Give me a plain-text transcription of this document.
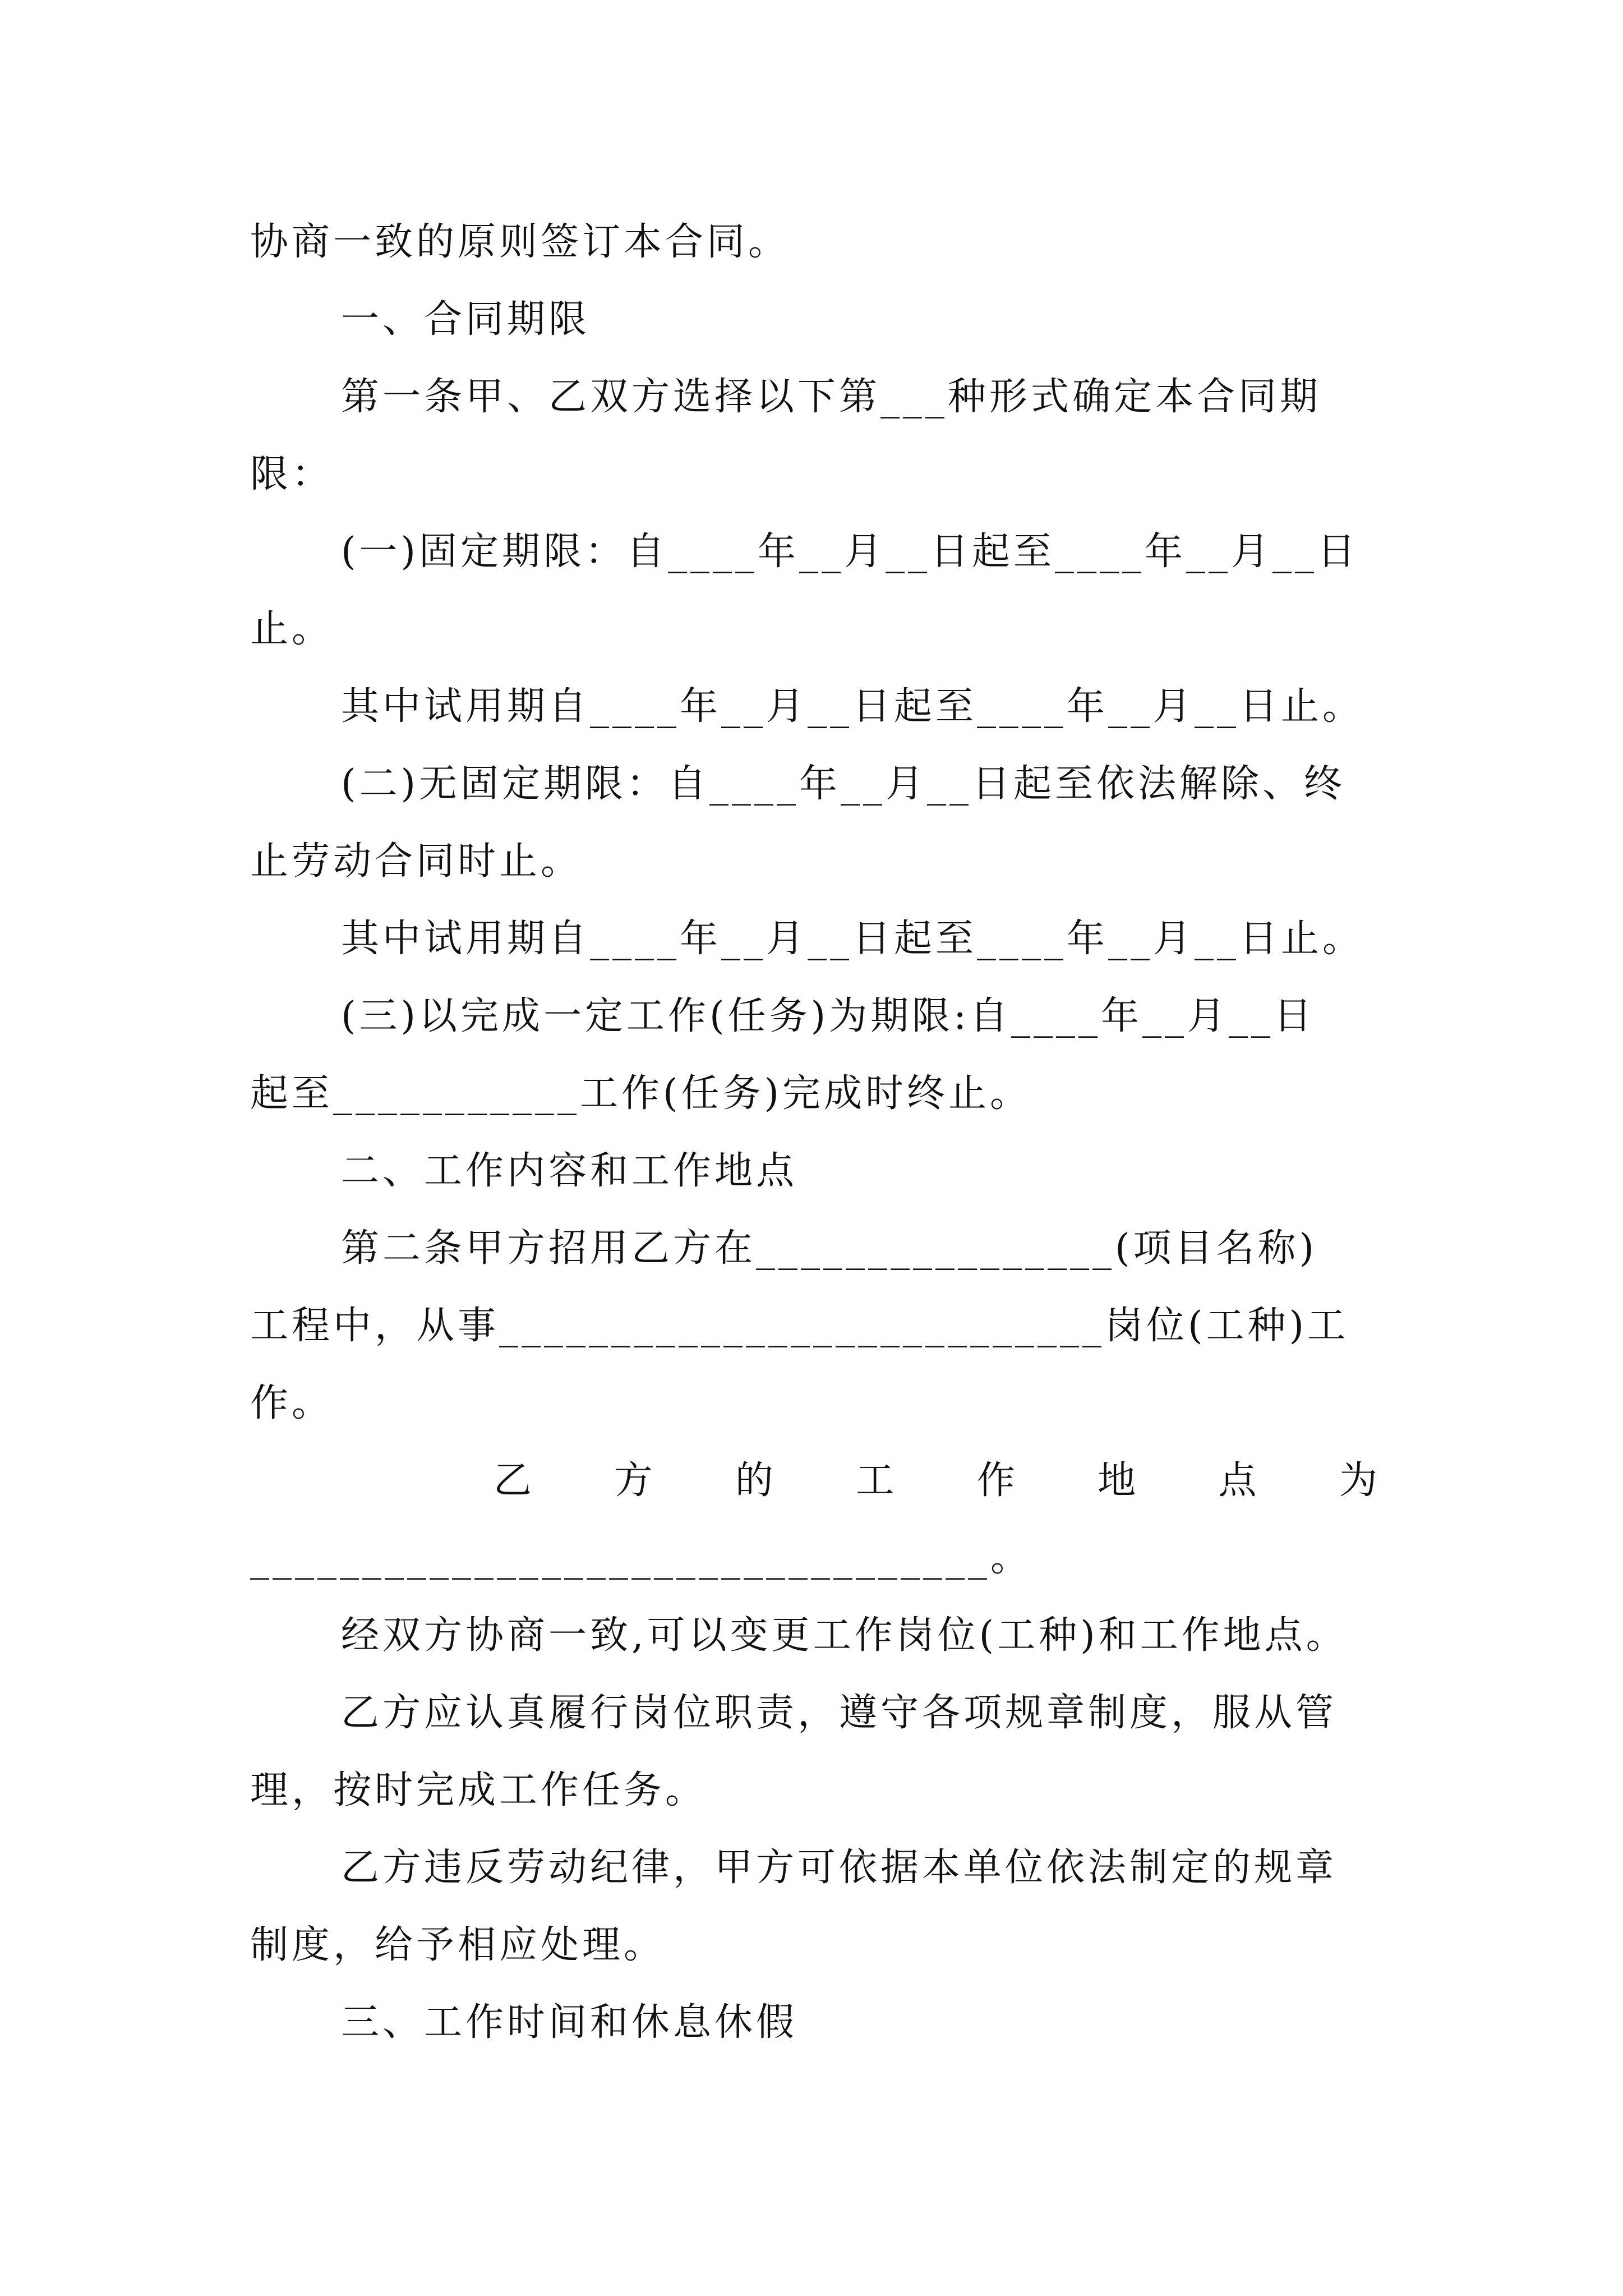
协商一致的原则签订本合同。
一、合同期限
第一条甲、乙双方选择以下第___种形式确定本合同期
限：
(一)固定期限：自____年__月__日起至____年__月__日
止。
其中试用期自____年__月__日起至____年__月__日止。
(二)无固定期限：自____年__月__日起至依法解除、终
止劳动合同时止。
其中试用期自____年__月__日起至____年__月__日止。
(三)以完成一定工作(任务)为期限:自____年__月__日
起至___________工作(任务)完成时终止。
二、工作内容和工作地点
第二条甲方招用乙方在________________(项目名称)
工程中，从事___________________________岗位(工种)工
作。
乙 方 的 工 作 地 点 为
_________________________________。
经双方协商一致,可以变更工作岗位(工种)和工作地点。
乙方应认真履行岗位职责，遵守各项规章制度，服从管
理，按时完成工作任务。
乙方违反劳动纪律，甲方可依据本单位依法制定的规章
制度，给予相应处理。
三、工作时间和休息休假
